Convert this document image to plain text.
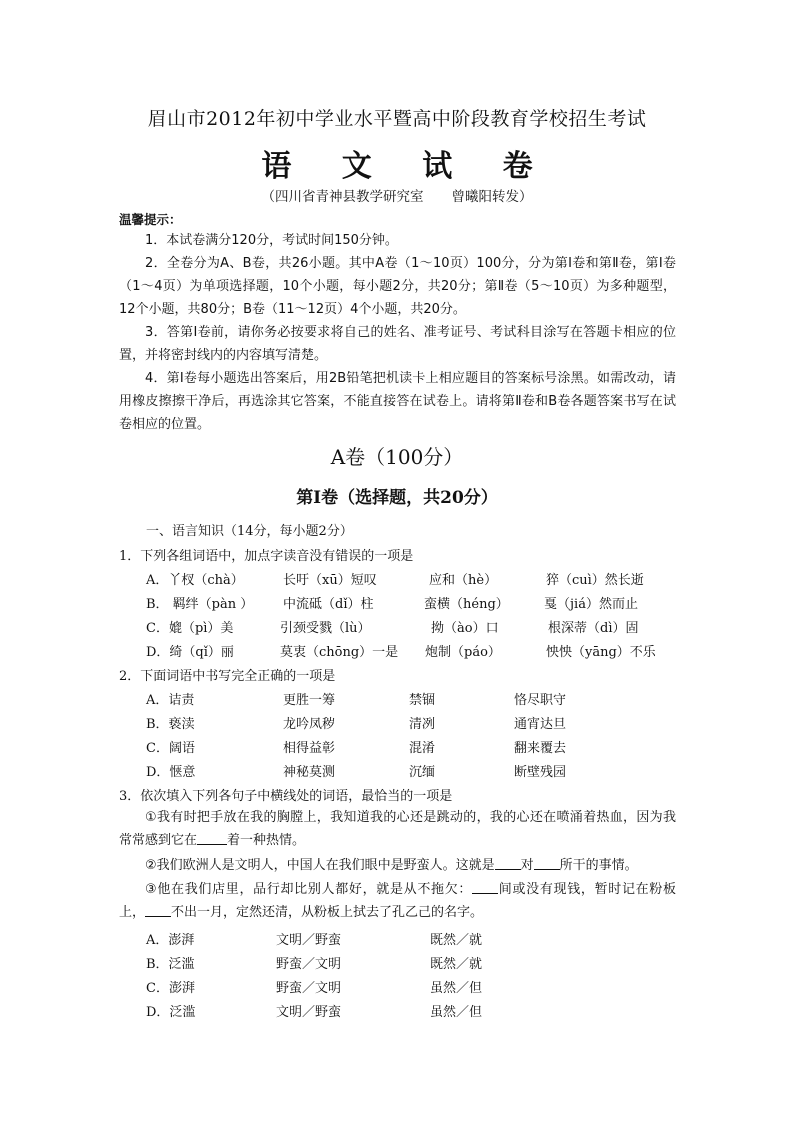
眉山市2012年初中学业水平暨高中阶段教育学校招生考试
语 文 试 卷
（四川省青神县教学研究室 曾曦阳转发）
温馨提示：
1．本试卷满分120分，考试时间150分钟。
2．全卷分为A、B卷，共26小题。其中A卷（1～10页）100分，分为第Ⅰ卷和第Ⅱ卷，第Ⅰ卷（1～4页）为单项选择题，10个小题，每小题2分，共20分；第Ⅱ卷（5～10页）为多种题型，12个小题，共80分；B卷（11～12页）4个小题，共20分。
3．答第Ⅰ卷前，请你务必按要求将自己的姓名、准考证号、考试科目涂写在答题卡相应的位置，并将密封线内的内容填写清楚。
4．第Ⅰ卷每小题选出答案后，用2B铅笔把机读卡上相应题目的答案标号涂黑。如需改动，请用橡皮擦擦干净后，再选涂其它答案，不能直接答在试卷上。请将第Ⅱ卷和B卷各题答案书写在试卷相应的位置。
A卷（100分）
第Ⅰ卷（选择题，共20分）
一、语言知识（14分，每小题2分）
1．下列各组词语中，加点字读音没有错误的一项是
A．丫杈（chà）	长吁（xū）短叹	应和（hè）	猝（cuì）然长逝
B． 羁绊（pàn ） 中流砥（dǐ）柱	蛮横（héng）	戛（jiá）然而止
C．媲（pì）美	引颈受戮（lù）	拗（ào）口	根深蒂（dì）固
D．绮（qǐ）丽	莫衷（chōng）一是 炮制（páo）	怏怏（yāng）不乐
2．下面词语中书写完全正确的一项是
A．诘责	更胜一筹	禁锢	恪尽职守
B．亵渎	龙吟凤秽	清冽	通宵达旦
C．阔语	相得益彰	混淆	翻来覆去
D．惬意	神秘莫测	沉缅	断壁残园
3．依次填入下列各句子中横线处的词语，最恰当的一项是
①我有时把手放在我的胸膛上，我知道我的心还是跳动的，我的心还在喷涌着热血，因为我常常感到它在 着一种热情。
②我们欧洲人是文明人，中国人在我们眼中是野蛮人。这就是 对 所干的事情。
③他在我们店里，品行却比别人都好，就是从不拖欠： 间或没有现钱，暂时记在粉板上， 不出一月，定然还清，从粉板上拭去了孔乙己的名字。
A．澎湃	文明／野蛮	既然／就
B．泛滥	野蛮／文明	既然／就
C．澎湃	野蛮／文明	虽然／但
D．泛滥	文明／野蛮	虽然／但
